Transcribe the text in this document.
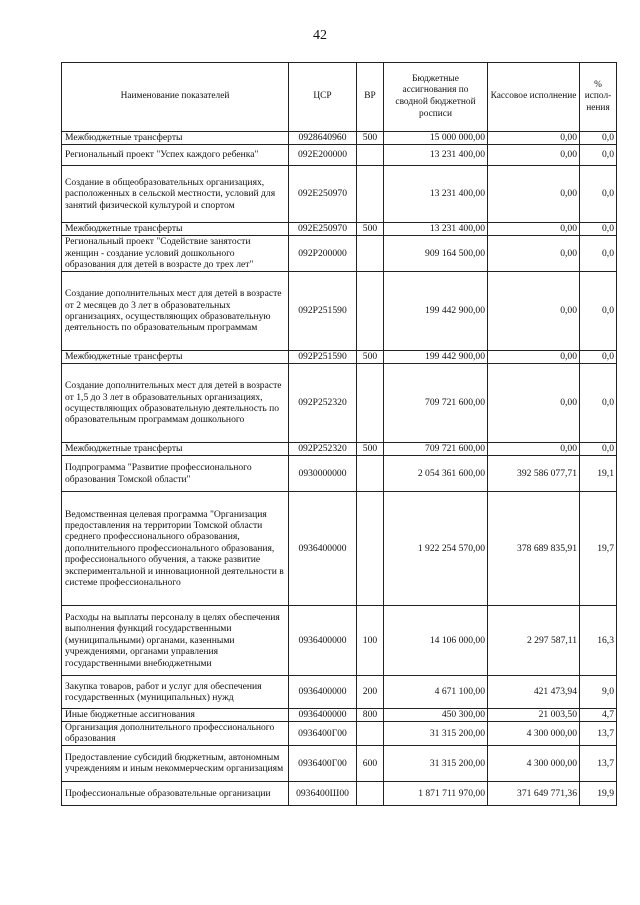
42
Наименование показателей	ЦСР	ВР	Бюджетные ассигнования по сводной бюджетной росписи	Кассовое исполнение	% испол-нения
Межбюджетные трансферты	0928640960	500	15 000 000,00	0,00	0,0
Региональный проект "Успех каждого ребенка"	092E200000		13 231 400,00	0,00	0,0
Создание в общеобразовательных организациях, расположенных в сельской местности, условий для занятий физической культурой и спортом	092E250970		13 231 400,00	0,00	0,0
Межбюджетные трансферты	092E250970	500	13 231 400,00	0,00	0,0
Региональный проект "Содействие занятости женщин - создание условий дошкольного образования для детей в возрасте до трех лет"	092P200000		909 164 500,00	0,00	0,0
Создание дополнительных мест для детей в возрасте от 2 месяцев до 3 лет в образовательных организациях, осуществляющих образовательную деятельность по образовательным программам	092P251590		199 442 900,00	0,00	0,0
Межбюджетные трансферты	092P251590	500	199 442 900,00	0,00	0,0
Создание дополнительных мест для детей в возрасте от 1,5 до 3 лет в образовательных организациях, осуществляющих образовательную деятельность по образовательным программам дошкольного	092P252320		709 721 600,00	0,00	0,0
Межбюджетные трансферты	092P252320	500	709 721 600,00	0,00	0,0
Подпрограмма "Развитие профессионального образования Томской области"	0930000000		2 054 361 600,00	392 586 077,71	19,1
Ведомственная целевая программа "Организация предоставления на территории Томской области среднего профессионального образования, дополнительного профессионального образования, профессионального обучения, а также развитие экспериментальной и инновационной деятельности в системе профессионального	0936400000		1 922 254 570,00	378 689 835,91	19,7
Расходы на выплаты персоналу в целях обеспечения выполнения функций государственными (муниципальными) органами, казенными учреждениями, органами управления государственными внебюджетными	0936400000	100	14 106 000,00	2 297 587,11	16,3
Закупка товаров, работ и услуг для обеспечения государственных (муниципальных) нужд	0936400000	200	4 671 100,00	421 473,94	9,0
Иные бюджетные ассигнования	0936400000	800	450 300,00	21 003,50	4,7
Организация дополнительного профессионального образования	0936400Г00		31 315 200,00	4 300 000,00	13,7
Предоставление субсидий бюджетным, автономным учреждениям и иным некоммерческим организациям	0936400Г00	600	31 315 200,00	4 300 000,00	13,7
Профессиональные образовательные организации	0936400Ш00		1 871 711 970,00	371 649 771,36	19,9
